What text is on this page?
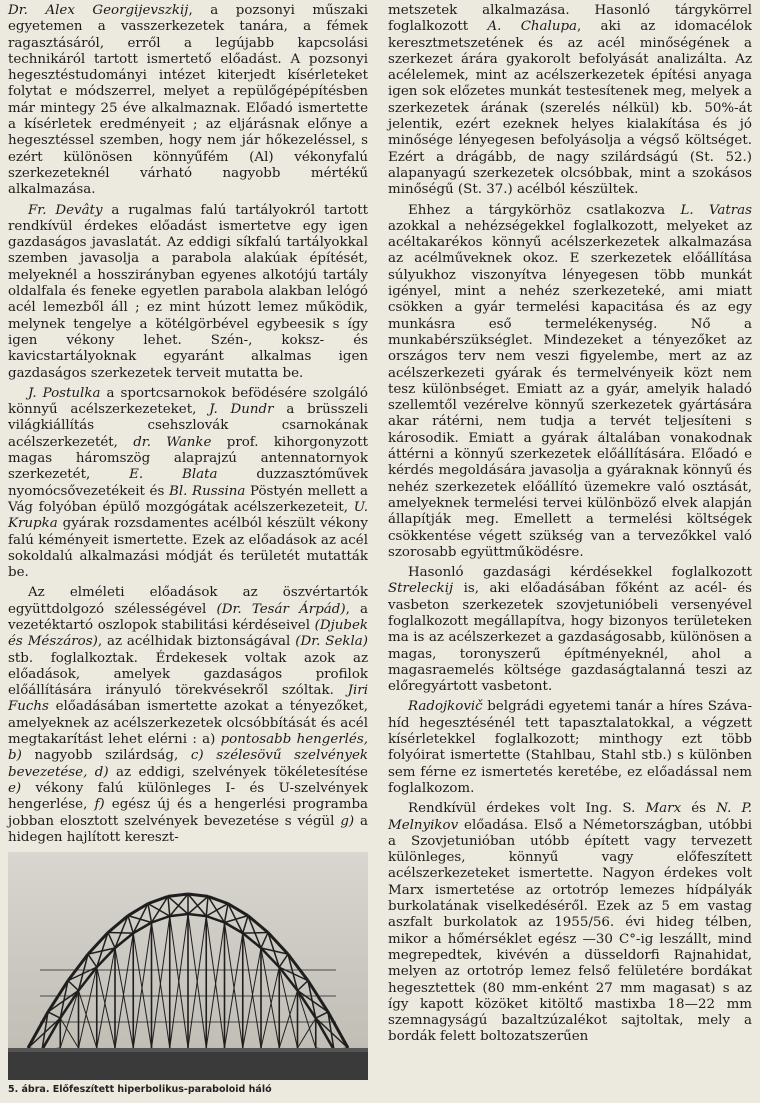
Dr. Alex Georgijevszkij, a pozsonyi műszaki egyetemen a vasszerkezetek tanára, a fémek ragasztásáról, erről a legújabb kapcsolási technikáról tartott ismertető előadást. A pozsonyi hegesztéstudományi intézet kiterjedt kísérleteket folytat e módszerrel, melyet a repülőgépépítésben már mintegy 25 éve alkalmaznak. Előadó ismertette a kísérletek eredményeit ; az eljárásnak előnye a hegesztéssel szemben, hogy nem jár hőkezeléssel, s ezért különösen könnyűfém (Al) vékonyfalú szerkezeteknél várható nagyobb mértékű alkalmazása.

Fr. Devâty a rugalmas falú tartályokról tartott rendkívül érdekes előadást ismertetve egy igen gazdaságos javaslatát. Az eddigi síkfalú tartályokkal szemben javasolja a parabola alakúak építését, melyeknél a hosszirányban egyenes alkotójú tartály oldalfala és feneke egyetlen parabola alakban lelógó acél lemezből áll ; ez mint húzott lemez működik, melynek tengelye a kötélgörbével egybeesik s így igen vékony lehet. Szén-, koksz- és kavicstartályoknak egyaránt alkalmas igen gazdaságos szerkezetek terveit mutatta be.

J. Postulka a sportcsarnokok befödésére szolgáló könnyű acélszerkezeteket, J. Dundr a brüsszeli világkiállítás csehszlovák csarnokának acélszerkezetét, dr. Wanke prof. kihorgonyzott magas háromszög alaprajzú antennatornyok szerkezetét, E. Blata duzzasztóművek nyomócsővezetékeit és Bl. Russina Pöstyén mellett a Vág folyóban épülő mozgógátak acélszerkezeteit, U. Krupka gyárak rozsdamentes acélból készült vékony falú kéményeit ismertette. Ezek az előadások az acél sokoldalú alkalmazási módját és területét mutatták be.

Az elméleti előadások az öszvértartók együttdolgozó szélességével (Dr. Tesár Árpád), a vezetéktartó oszlopok stabilitási kérdéseivel (Djubek és Mészáros), az acélhidak biztonságával (Dr. Sekla) stb. foglalkoztak. Érdekesek voltak azok az előadások, amelyek gazdaságos profilok előállítására irányuló törekvésekről szóltak. Jiri Fuchs előadásában ismertette azokat a tényezőket, amelyeknek az acélszerkezetek olcsóbbítását és acél megtakarítást lehet elérni : a) pontosabb hengerlés, b) nagyobb szilárdság, c) szélesövű szelvények bevezetése, d) az eddigi, szelvények tökéletesítése e) vékony falú különleges I- és U-szelvények hengerlése, f) egész új és a hengerlési programba jobban elosztott szelvények bevezetése s végül g) a hidegen hajlított kereszt-

5. ábra. Előfeszített hiperbolikus-paraboloid háló

metszetek alkalmazása. Hasonló tárgykörrel foglalkozott A. Chalupa, aki az idomacélok keresztmetszetének és az acél minőségének a szerkezet árára gyakorolt befolyását analizálta. Az acélelemek, mint az acélszerkezetek építési anyaga igen sok előzetes munkát testesítenek meg, melyek a szerkezetek árának (szerelés nélkül) kb. 50%-át jelentik, ezért ezeknek helyes kialakítása és jó minősége lényegesen befolyásolja a végső költséget. Ezért a drágább, de nagy szilárdságú (St. 52.) alapanyagú szerkezetek olcsóbbak, mint a szokásos minőségű (St. 37.) acélból készültek.

Ehhez a tárgykörhöz csatlakozva L. Vatras azokkal a nehézségekkel foglalkozott, melyeket az acéltakarékos könnyű acélszerkezetek alkalmazása az acélműveknek okoz. E szerkezetek előállítása súlyukhoz viszonyítva lényegesen több munkát igényel, mint a nehéz szerkezeteké, ami miatt csökken a gyár termelési kapacitása és az egy munkásra eső termelékenység. Nő a munkabérszükséglet. Mindezeket a tényezőket az országos terv nem veszi figyelembe, mert az az acélszerkezeti gyárak és termelvényeik közt nem tesz különbséget. Emiatt az a gyár, amelyik haladó szellemtől vezérelve könnyű szerkezetek gyártására akar rátérni, nem tudja a tervét teljesíteni s károsodik. Emiatt a gyárak általában vonakodnak áttérni a könnyű szerkezetek előállítására. Előadó e kérdés megoldására javasolja a gyáraknak könnyű és nehéz szerkezetek előállító üzemekre való osztását, amelyeknek termelési tervei különböző elvek alapján állapítják meg. Emellett a termelési költségek csökkentése végett szükség van a tervezőkkel való szorosabb együttműködésre.

Hasonló gazdasági kérdésekkel foglalkozott Streleckij is, aki előadásában főként az acél- és vasbeton szerkezetek szovjetunióbeli versenyével foglalkozott megállapítva, hogy bizonyos területeken ma is az acélszerkezet a gazdaságosabb, különösen a magas, toronyszerű építményeknél, ahol a magasraemelés költsége gazdaságtalanná teszi az előregyártott vasbetont.

Radojkovič belgrádi egyetemi tanár a híres Száva-híd hegesztésénél tett tapasztalatokkal, a végzett kísérletekkel foglalkozott; minthogy ezt több folyóirat ismertette (Stahlbau, Stahl stb.) s különben sem férne ez ismertetés keretébe, ez előadással nem foglalkozom.

Rendkívül érdekes volt Ing. S. Marx és N. P. Melnyikov előadása. Első a Németországban, utóbbi a Szovjetunióban utóbb épített vagy tervezett különleges, könnyű vagy előfeszített acélszerkezeteket ismertette. Nagyon érdekes volt Marx ismertetése az ortotróp lemezes hídpályák burkolatának viselkedéséről. Ezek az 5 em vastag aszfalt burkolatok az 1955/56. évi hideg télben, mikor a hőmérséklet egész —30 C°-ig leszállt, mind megrepedtek, kivévén a düsseldorfi Rajnahidat, melyen az ortotróp lemez felső felületére bordákat hegesztettek (80 mm-enként 27 mm magasat) s az így kapott közöket kitöltő mastixba 18—22 mm szemnagyságú bazaltzúzalékot sajtoltak, mely a bordák felett boltozatszerűen
